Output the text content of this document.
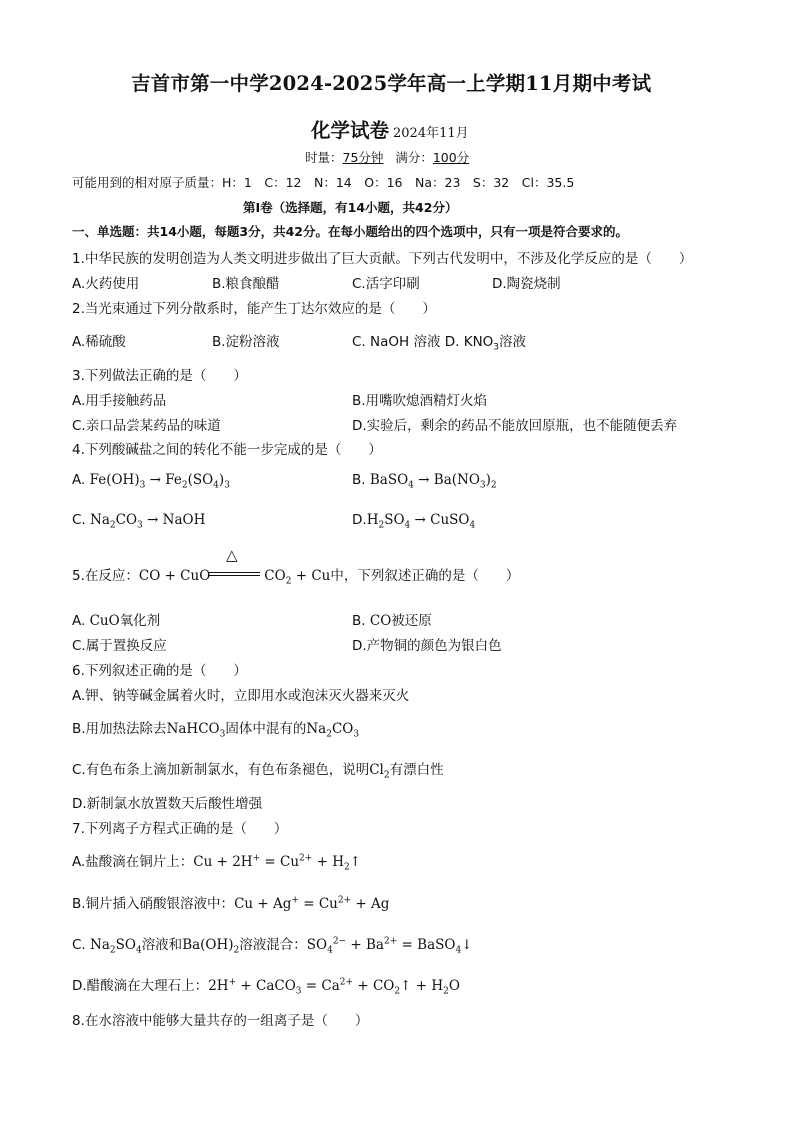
吉首市第一中学2024-2025学年高一上学期11月期中考试
化学试卷 2024年11月
时量：75分钟 满分：100分
可能用到的相对原子质量：H：1　C：12　N：14　O：16　Na：23　S：32　Cl：35.5
第I卷（选择题，有14小题，共42分）
一、单选题：共14小题，每题3分，共42分。在每小题给出的四个选项中，只有一项是符合要求的。
1.中华民族的发明创造为人类文明进步做出了巨大贡献。下列古代发明中，不涉及化学反应的是（　　）
A.火药使用	B.粮食酿醋	C.活字印刷	D.陶瓷烧制
2.当光束通过下列分散系时，能产生丁达尔效应的是（　　）
A.稀硫酸	B.淀粉溶液	C. NaOH 溶液 D. $KNO_3$溶液
3.下列做法正确的是（　　）
A.用手接触药品	B.用嘴吹熄酒精灯火焰
C.亲口品尝某药品的味道	D.实验后，剩余的药品不能放回原瓶，也不能随便丢弃
4.下列酸碱盐之间的转化不能一步完成的是（　　）
A. $Fe(OH)_3 \to Fe_2(SO_4)_3$	B. BaSO$_4$ → $Ba(NO_3)_2$
C. $Na_2CO_3$ → NaOH	$D.H_2SO_4$ → CuSO$_4$
△
5.在反应：CO + CuO	$CO_2 + Cu$中，下列叙述正确的是（　　）
A. CuO氧化剂	B. CO被还原
C.属于置换反应	D.产物铜的颜色为银白色
6.下列叙述正确的是（　　）
A.钾、钠等碱金属着火时，立即用水或泡沫灭火器来灭火
B.用加热法除去NaHCO$_3$固体中混有的$Na_2CO_3$
C.有色布条上滴加新制氯水，有色布条褪色，说明$Cl_2$有漂白性
D.新制氯水放置数天后酸性增强
7.下列离子方程式正确的是（　　）
A.盐酸滴在铜片上：$Cu + 2H^+ = Cu^{2+}$ + $H_2↑$
B.铜片插入硝酸银溶液中：$Cu + Ag^+ = Cu^{2+} + Ag$
C. $Na_2SO_4$溶液和$Ba(OH)_2$溶液混合：$SO_4^{2-} + Ba^{2+}$ = BaSO$_4$↓
D.醋酸滴在大理石上：2H+ + CaCO$_3$ = $Ca^{2+}$ + $CO_2↑ + H_2O$
8.在水溶液中能够大量共存的一组离子是（　　）
